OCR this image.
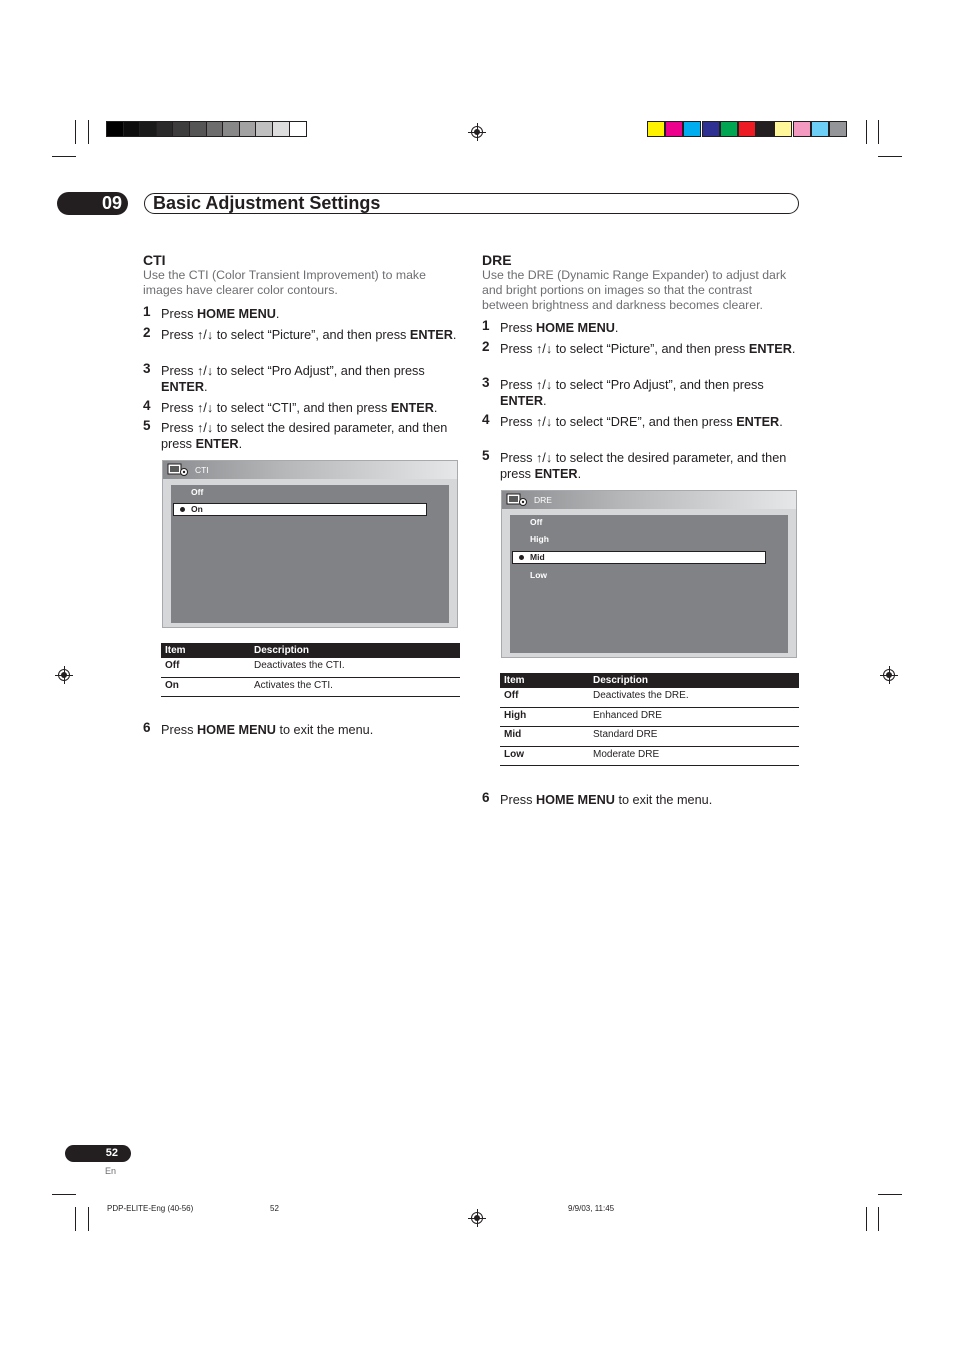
09	Basic Adjustment Settings
CTI
Use the CTI (Color Transient Improvement) to make images have clearer color contours.
1 Press HOME MENU.
2 Press ↑/↓ to select “Picture”, and then press ENTER.
3 Press ↑/↓ to select “Pro Adjust”, and then press ENTER.
4 Press ↑/↓ to select “CTI”, and then press ENTER.
5 Press ↑/↓ to select the desired parameter, and then press ENTER.
6 Press HOME MENU to exit the menu.
CTI
Off
On
Item	Description
Off	Deactivates the CTI.
On	Activates the CTI.
DRE
Use the DRE (Dynamic Range Expander) to adjust dark and bright portions on images so that the contrast between brightness and darkness becomes clearer.
1 Press HOME MENU.
2 Press ↑/↓ to select “Picture”, and then press ENTER.
3 Press ↑/↓ to select “Pro Adjust”, and then press ENTER.
4 Press ↑/↓ to select “DRE”, and then press ENTER.
5 Press ↑/↓ to select the desired parameter, and then press ENTER.
6 Press HOME MENU to exit the menu.
DRE
Off
High
Mid
Low
Item	Description
Off	Deactivates the DRE.
High	Enhanced DRE
Mid	Standard DRE
Low	Moderate DRE
52
En
PDP-ELITE-Eng (40-56)	52	9/9/03, 11:45
